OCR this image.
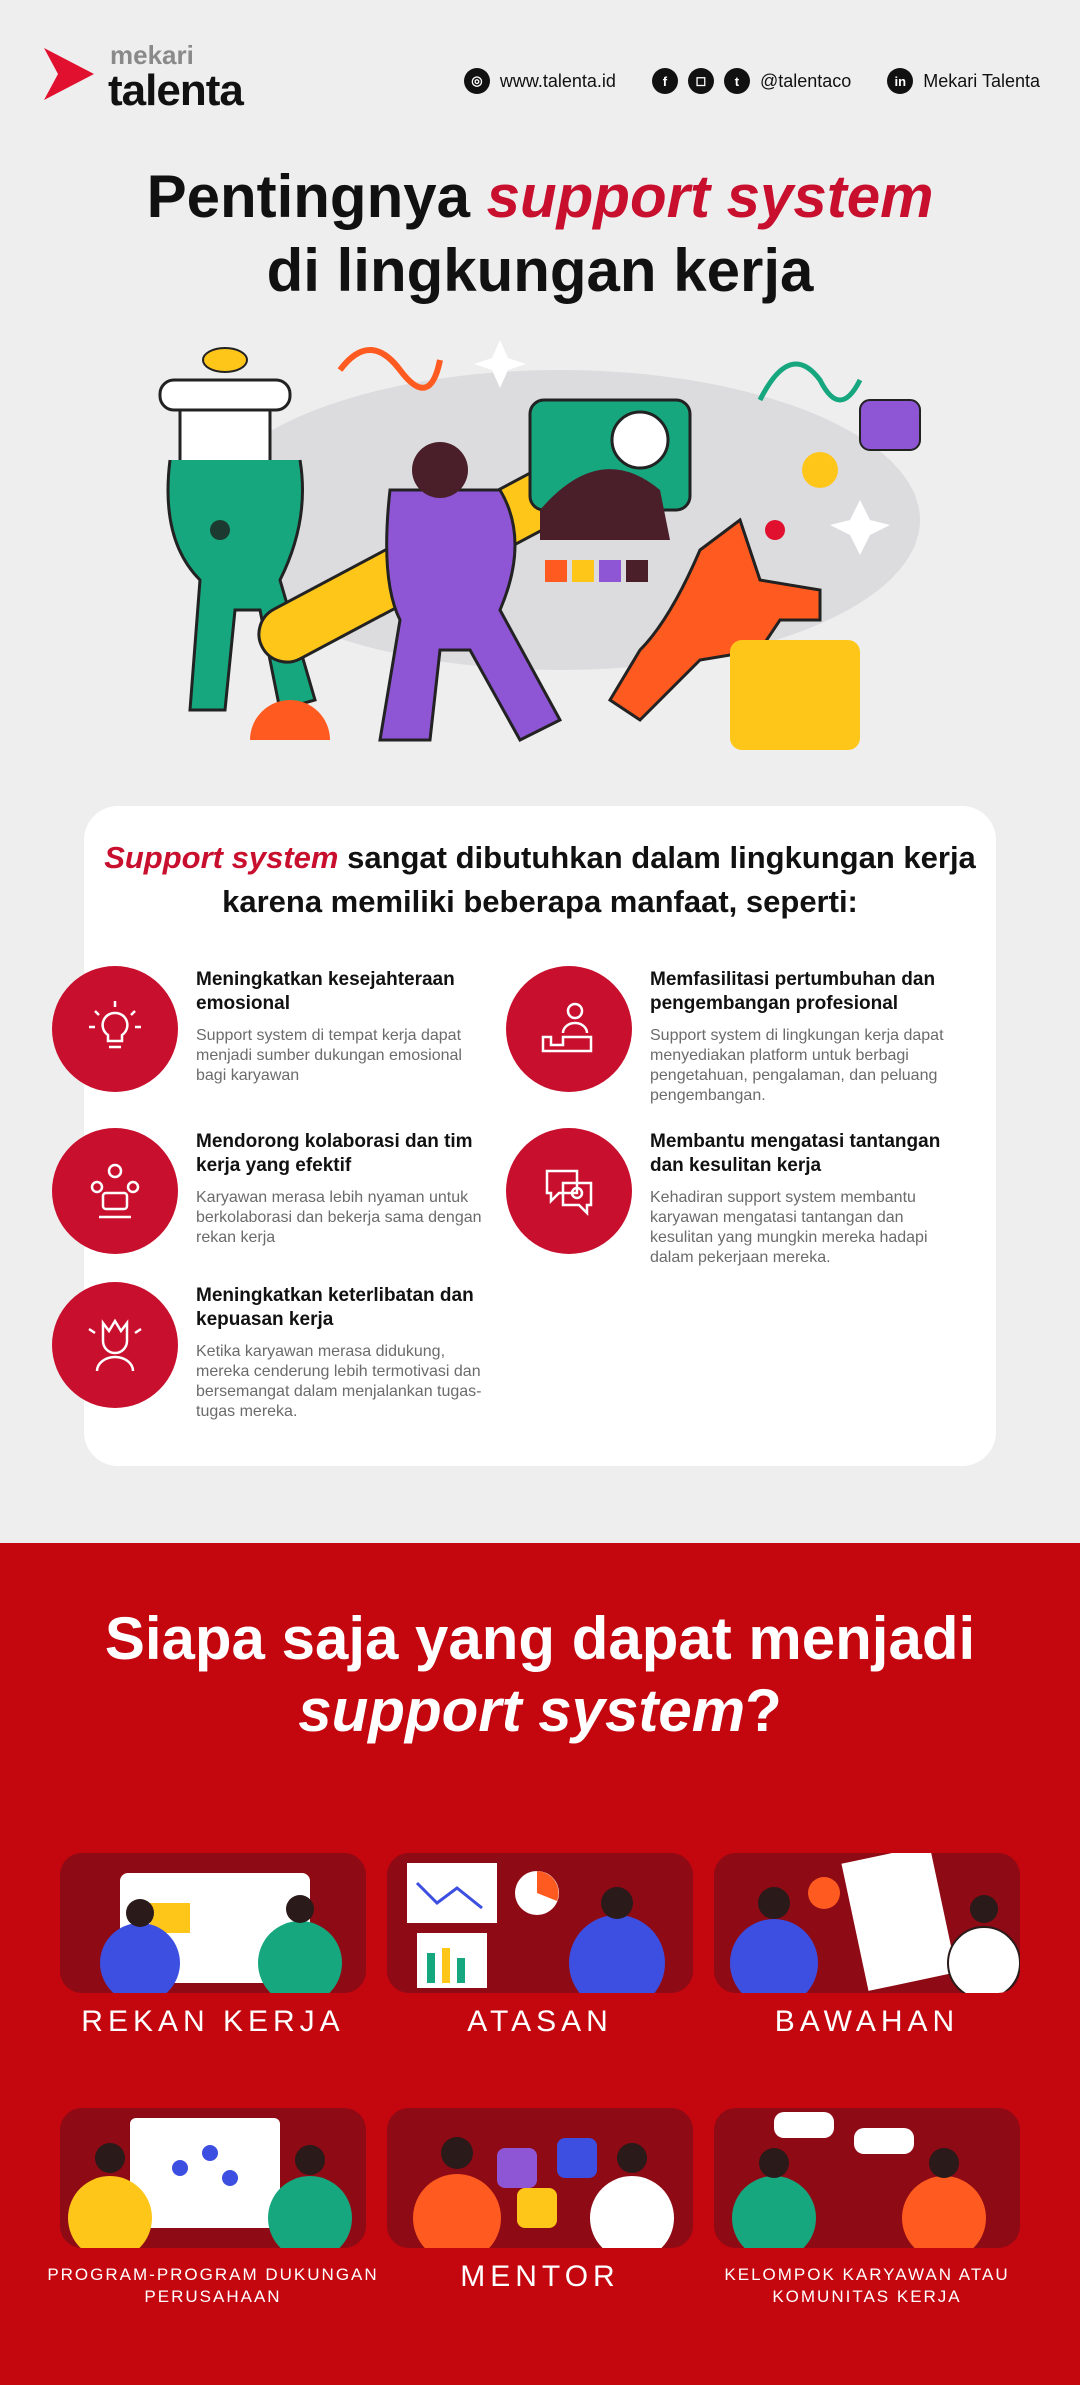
mekari
talenta	◎ www.talenta.id	f	◻	t	@talentaco	in Mekari Talenta
Pentingnya support system
di lingkungan kerja
Support system sangat dibutuhkan dalam lingkungan kerja karena memiliki beberapa manfaat, seperti:
Meningkatkan kesejahteraan emosional
Support system di tempat kerja dapat menjadi sumber dukungan emosional bagi karyawan
Memfasilitasi pertumbuhan dan pengembangan profesional
Support system di lingkungan kerja dapat menyediakan platform untuk berbagi pengetahuan, pengalaman, dan peluang pengembangan.
Mendorong kolaborasi dan tim kerja yang efektif
Karyawan merasa lebih nyaman untuk berkolaborasi dan bekerja sama dengan rekan kerja
Membantu mengatasi tantangan dan kesulitan kerja
Kehadiran support system membantu karyawan mengatasi tantangan dan kesulitan yang mungkin mereka hadapi dalam pekerjaan mereka.
Meningkatkan keterlibatan dan kepuasan kerja
Ketika karyawan merasa didukung, mereka cenderung lebih termotivasi dan bersemangat dalam menjalankan tugas-tugas mereka.
Siapa saja yang dapat menjadi
support system?
REKAN KERJA	ATASAN	BAWAHAN
PROGRAM-PROGRAM DUKUNGAN PERUSAHAAN
MENTOR	KELOMPOK KARYAWAN ATAU KOMUNITAS KERJA
